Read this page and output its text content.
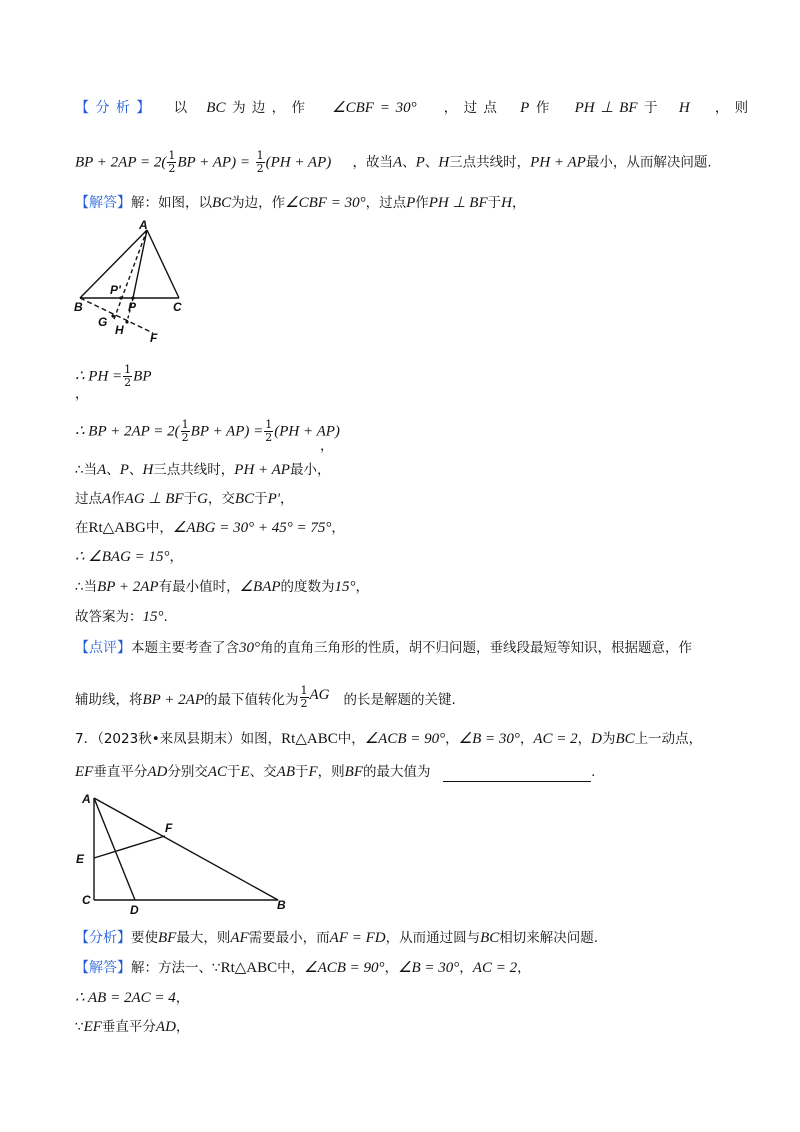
【 分 析 】 以 BC 为 边 ， 作 ∠CBF = 30° ， 过 点 P 作 PH ⊥ BF 于 H ， 则
BP + $2AP = 2( \frac{1}{2}$ BP + $AP) = \frac{1}{2} (PH + AP)$ ，故当A、P、H三点共线时，PH + AP最小，从而解决问题.
【解答】解：如图，以BC为边，作∠CBF = 30°，过点P作PH ⊥ BF于H，
A
B	C
P
P'
G
H
F
∴ PH = $\frac{1}{2}$ BP
，
∴ BP + $2AP = 2( \frac{1}{2}$ BP + $AP) = \frac{1}{2} (PH + AP)$
，
∴当A、P、H三点共线时，PH + AP最小，
过点A作AG ⊥ BF于G，交BC于P'，
在Rt△ABG中，∠ABG = 30° + 45° = 75°，
∴ ∠BAG = 15°，
∴当BP + 2AP有最小值时，∠BAP的度数为15°，
故答案为：15°.
【点评】本题主要考查了含30°角的直角三角形的性质，胡不归问题，垂线段最短等知识，根据题意，作
辅助线，将BP + 2AP的最下值转化为 $\frac{1}{2}$ AG 的长是解题的关键.
7．（2023秋•来凤县期末）如图，Rt△ABC中，∠ACB = 90°，∠B = 30°，AC = 2，D为BC上一动点，
EF垂直平分AD分别交AC于E、交AB于F，则BF的最大值为	.
A
E
C
D
F
B
【分析】要使BF最大，则AF需要最小，而AF = FD，从而通过圆与BC相切来解决问题.
【解答】解：方法一、∵Rt△ABC中，∠ACB = 90°，∠B = 30°，AC = 2，
∴ AB = 2AC = 4，
∵EF垂直平分AD，
